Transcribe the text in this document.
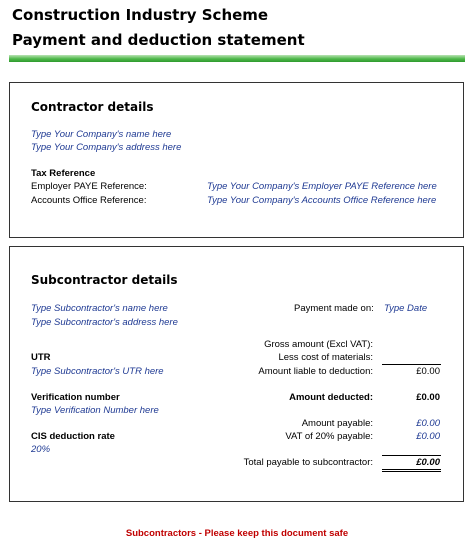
Construction Industry Scheme
Payment and deduction statement
Contractor details
Type Your Company's name here
Type Your Company's address here
Tax Reference
Employer PAYE Reference:	Type Your Company's Employer PAYE Reference here
Accounts Office Reference:	Type Your Company's Accounts Office Reference here
Subcontractor details
Type Subcontractor's name here
Type Subcontractor's address here
UTR
Type Subcontractor's UTR here
Verification number
Type Verification Number here
CIS deduction rate
20%
Payment made on: Type Date
Gross amount (Excl VAT):
Less cost of materials:
Amount liable to deduction:	£0.00
Amount deducted:	£0.00
Amount payable:	£0.00
VAT of 20% payable:	£0.00
Total payable to subcontractor:	£0.00
Subcontractors - Please keep this document safe
